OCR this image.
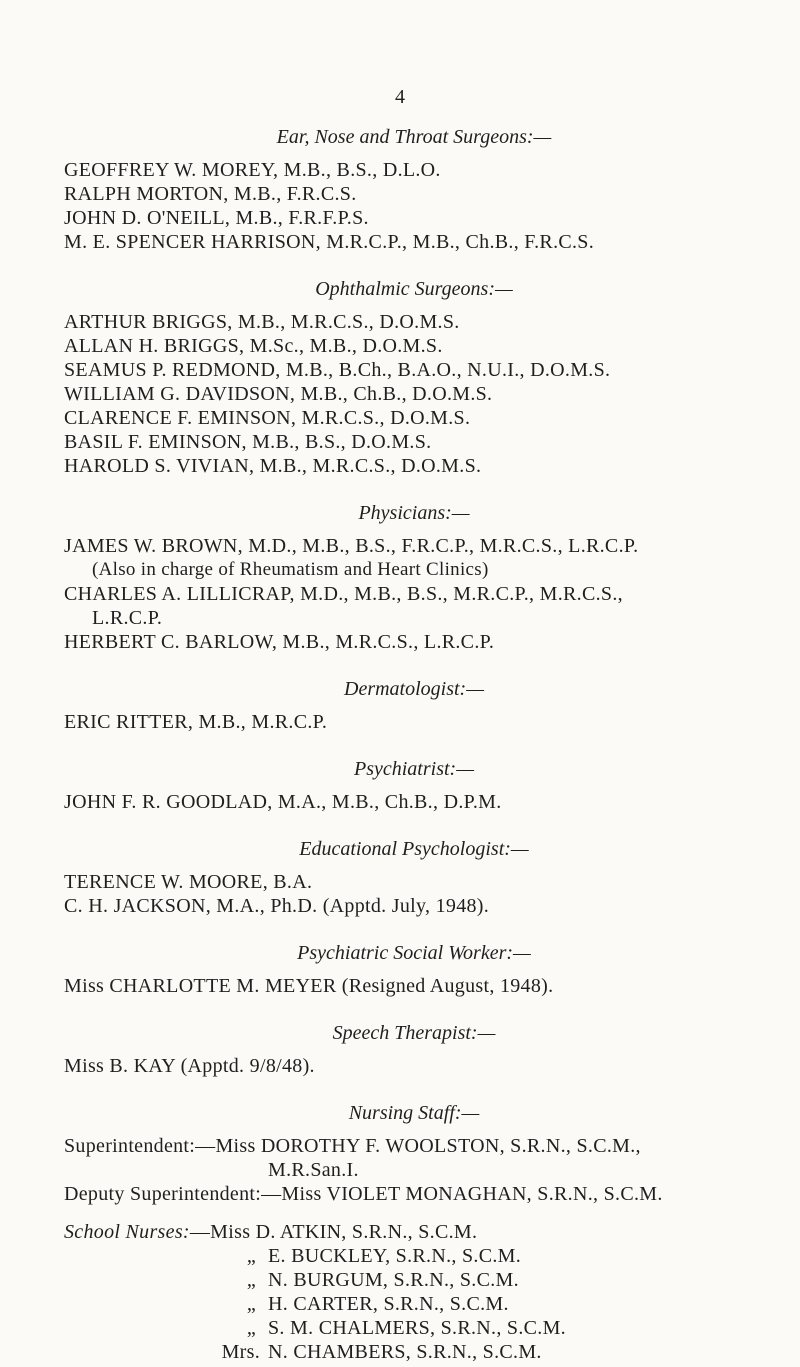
4

Ear, Nose and Throat Surgeons:—

GEOFFREY W. MOREY, M.B., B.S., D.L.O.

RALPH MORTON, M.B., F.R.C.S.

JOHN D. O'NEILL, M.B., F.R.F.P.S.

M. E. SPENCER HARRISON, M.R.C.P., M.B., Ch.B., F.R.C.S.

Ophthalmic Surgeons:—

ARTHUR BRIGGS, M.B., M.R.C.S., D.O.M.S.

ALLAN H. BRIGGS, M.Sc., M.B., D.O.M.S.

SEAMUS P. REDMOND, M.B., B.Ch., B.A.O., N.U.I., D.O.M.S.

WILLIAM G. DAVIDSON, M.B., Ch.B., D.O.M.S.

CLARENCE F. EMINSON, M.R.C.S., D.O.M.S.

BASIL F. EMINSON, M.B., B.S., D.O.M.S.

HAROLD S. VIVIAN, M.B., M.R.C.S., D.O.M.S.

Physicians:—

JAMES W. BROWN, M.D., M.B., B.S., F.R.C.P., M.R.C.S., L.R.C.P.

(Also in charge of Rheumatism and Heart Clinics)

CHARLES A. LILLICRAP, M.D., M.B., B.S., M.R.C.P., M.R.C.S.,

L.R.C.P.

HERBERT C. BARLOW, M.B., M.R.C.S., L.R.C.P.

Dermatologist:—

ERIC RITTER, M.B., M.R.C.P.

Psychiatrist:—

JOHN F. R. GOODLAD, M.A., M.B., Ch.B., D.P.M.

Educational Psychologist:—

TERENCE W. MOORE, B.A.

C. H. JACKSON, M.A., Ph.D. (Apptd. July, 1948).

Psychiatric Social Worker:—

Miss CHARLOTTE M. MEYER (Resigned August, 1948).

Speech Therapist:—

Miss B. KAY (Apptd. 9/8/48).

Nursing Staff:—

Superintendent:—Miss DOROTHY F. WOOLSTON, S.R.N., S.C.M.,

M.R.San.I.

Deputy Superintendent:—Miss VIOLET MONAGHAN, S.R.N., S.C.M.

School Nurses:—Miss D. ATKIN, S.R.N., S.C.M.
„ E. BUCKLEY, S.R.N., S.C.M.
„ N. BURGUM, S.R.N., S.C.M.
„ H. CARTER, S.R.N., S.C.M.
„ S. M. CHALMERS, S.R.N., S.C.M.
Mrs. N. CHAMBERS, S.R.N., S.C.M.
